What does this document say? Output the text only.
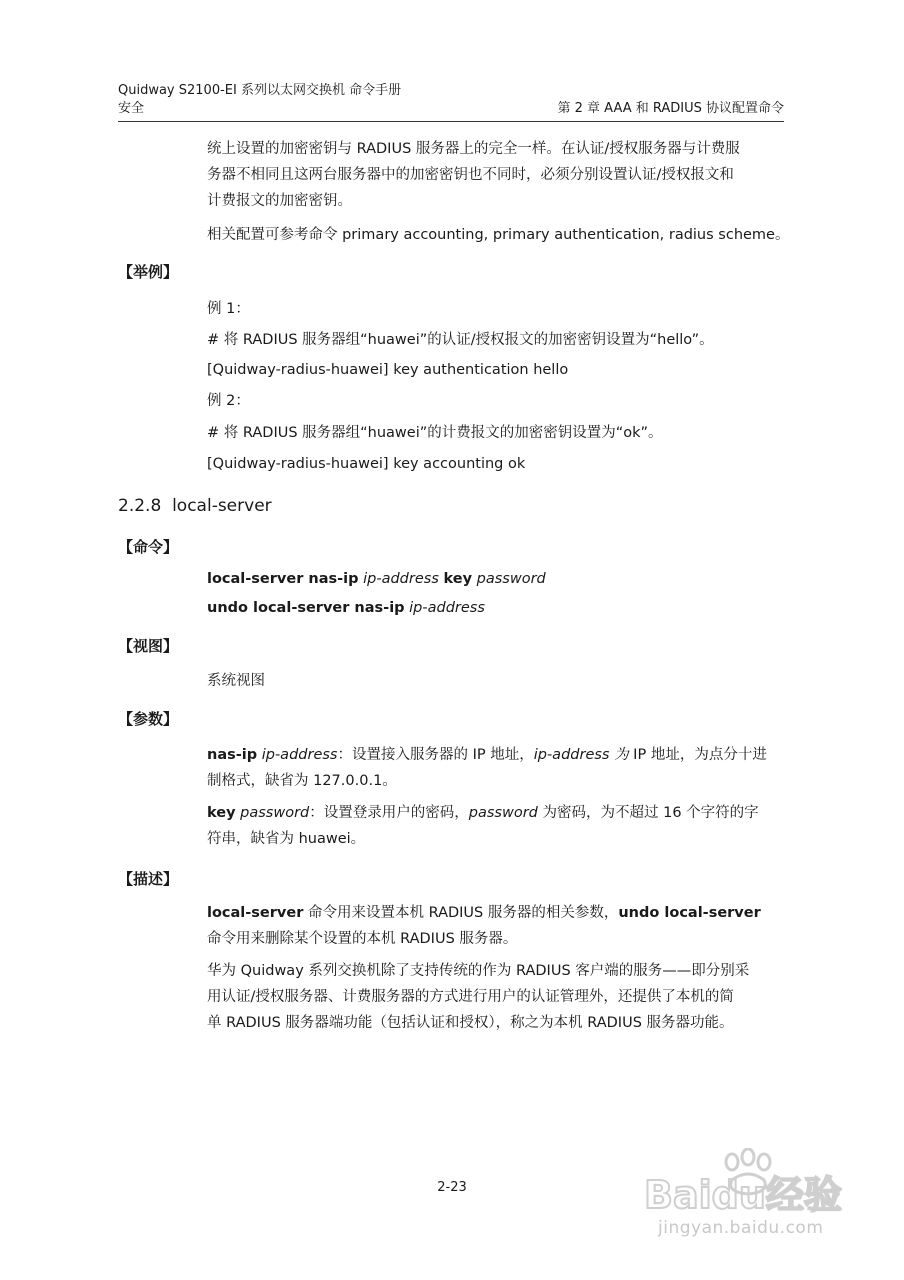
Quidway S2100-EI 系列以太网交换机 命令手册
安全	第 2 章 AAA 和 RADIUS 协议配置命令
统上设置的加密密钥与 RADIUS 服务器上的完全一样。在认证/授权服务器与计费服
务器不相同且这两台服务器中的加密密钥也不同时，必须分别设置认证/授权报文和
计费报文的加密密钥。
相关配置可参考命令 primary accounting, primary authentication, radius scheme。
【举例】
例 1：
# 将 RADIUS 服务器组“huawei”的认证/授权报文的加密密钥设置为“hello”。
[Quidway-radius-huawei] key authentication hello
例 2：
# 将 RADIUS 服务器组“huawei”的计费报文的加密密钥设置为“ok”。
[Quidway-radius-huawei] key accounting ok
2.2.8 local-server
【命令】
local-server nas-ip ip-address key password
undo local-server nas-ip ip-address
【视图】
系统视图
【参数】
nas-ip ip-address：设置接入服务器的 IP 地址，ip-address 为 IP 地址，为点分十进
制格式，缺省为 127.0.0.1。
key password：设置登录用户的密码，password 为密码，为不超过 16 个字符的字
符串，缺省为 huawei。
【描述】
local-server 命令用来设置本机 RADIUS 服务器的相关参数，undo local-server
命令用来删除某个设置的本机 RADIUS 服务器。
华为 Quidway 系列交换机除了支持传统的作为 RADIUS 客户端的服务——即分别采
用认证/授权服务器、计费服务器的方式进行用户的认证管理外，还提供了本机的简
单 RADIUS 服务器端功能（包括认证和授权），称之为本机 RADIUS 服务器功能。
2-23	Baidu经验
jingyan.baidu.com
